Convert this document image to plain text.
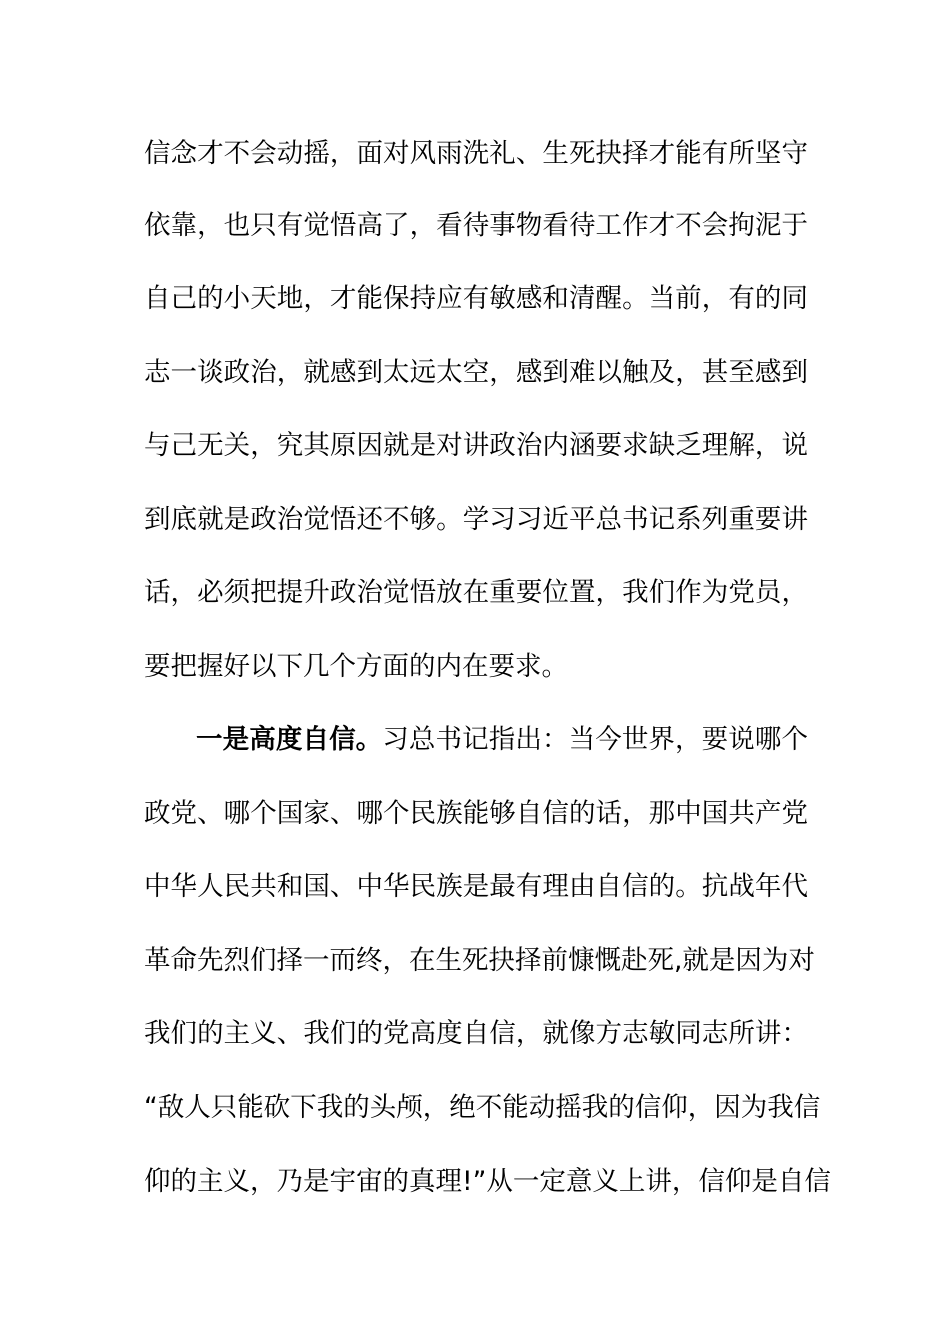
信念才不会动摇，面对风雨洗礼、生死抉择才能有所坚守
依靠，也只有觉悟高了，看待事物看待工作才不会拘泥于
自己的小天地，才能保持应有敏感和清醒。当前，有的同
志一谈政治，就感到太远太空，感到难以触及，甚至感到
与己无关，究其原因就是对讲政治内涵要求缺乏理解，说
到底就是政治觉悟还不够。学习习近平总书记系列重要讲
话，必须把提升政治觉悟放在重要位置，我们作为党员，
要把握好以下几个方面的内在要求。
一是高度自信。习总书记指出：当今世界，要说哪个
政党、哪个国家、哪个民族能够自信的话，那中国共产党
中华人民共和国、中华民族是最有理由自信的。抗战年代
革命先烈们择一而终，在生死抉择前慷慨赴死,就是因为对
我们的主义、我们的党高度自信，就像方志敏同志所讲：
“敌人只能砍下我的头颅，绝不能动摇我的信仰，因为我信
仰的主义，乃是宇宙的真理!”从一定意义上讲，信仰是自信
